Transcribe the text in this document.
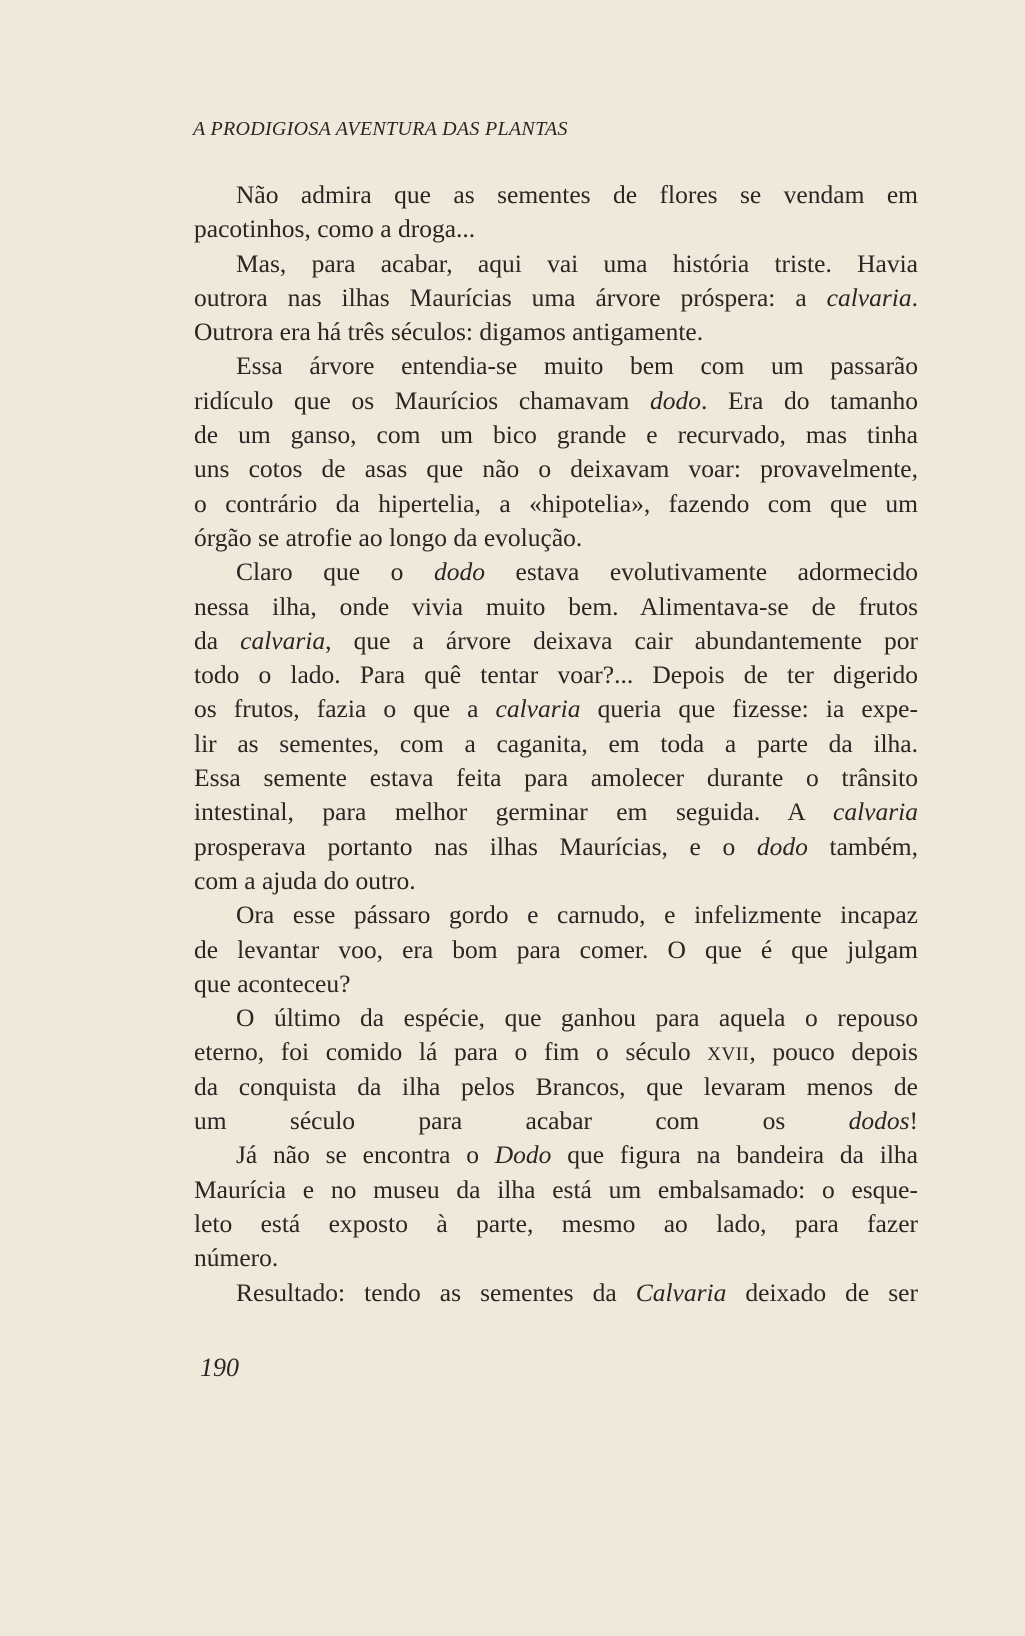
A PRODIGIOSA AVENTURA DAS PLANTAS
Não admira que as sementes de flores se vendam em
pacotinhos, como a droga...
Mas, para acabar, aqui vai uma história triste. Havia
outrora nas ilhas Maurícias uma árvore próspera: a calvaria.
Outrora era há três séculos: digamos antigamente.
Essa árvore entendia-se muito bem com um passarão
ridículo que os Maurícios chamavam dodo. Era do tamanho
de um ganso, com um bico grande e recurvado, mas tinha
uns cotos de asas que não o deixavam voar: provavelmente,
o contrário da hipertelia, a «hipotelia», fazendo com que um
órgão se atrofie ao longo da evolução.
Claro que o dodo estava evolutivamente adormecido
nessa ilha, onde vivia muito bem. Alimentava-se de frutos
da calvaria, que a árvore deixava cair abundantemente por
todo o lado. Para quê tentar voar?... Depois de ter digerido
os frutos, fazia o que a calvaria queria que fizesse: ia expe-
lir as sementes, com a caganita, em toda a parte da ilha.
Essa semente estava feita para amolecer durante o trânsito
intestinal, para melhor germinar em seguida. A calvaria
prosperava portanto nas ilhas Maurícias, e o dodo também,
com a ajuda do outro.
Ora esse pássaro gordo e carnudo, e infelizmente incapaz
de levantar voo, era bom para comer. O que é que julgam
que aconteceu?
O último da espécie, que ganhou para aquela o repouso
eterno, foi comido lá para o fim o século XVII, pouco depois
da conquista da ilha pelos Brancos, que levaram menos de
um século para acabar com os dodos!
Já não se encontra o Dodo que figura na bandeira da ilha
Maurícia e no museu da ilha está um embalsamado: o esque-
leto está exposto à parte, mesmo ao lado, para fazer
número.
Resultado: tendo as sementes da Calvaria deixado de ser
190
